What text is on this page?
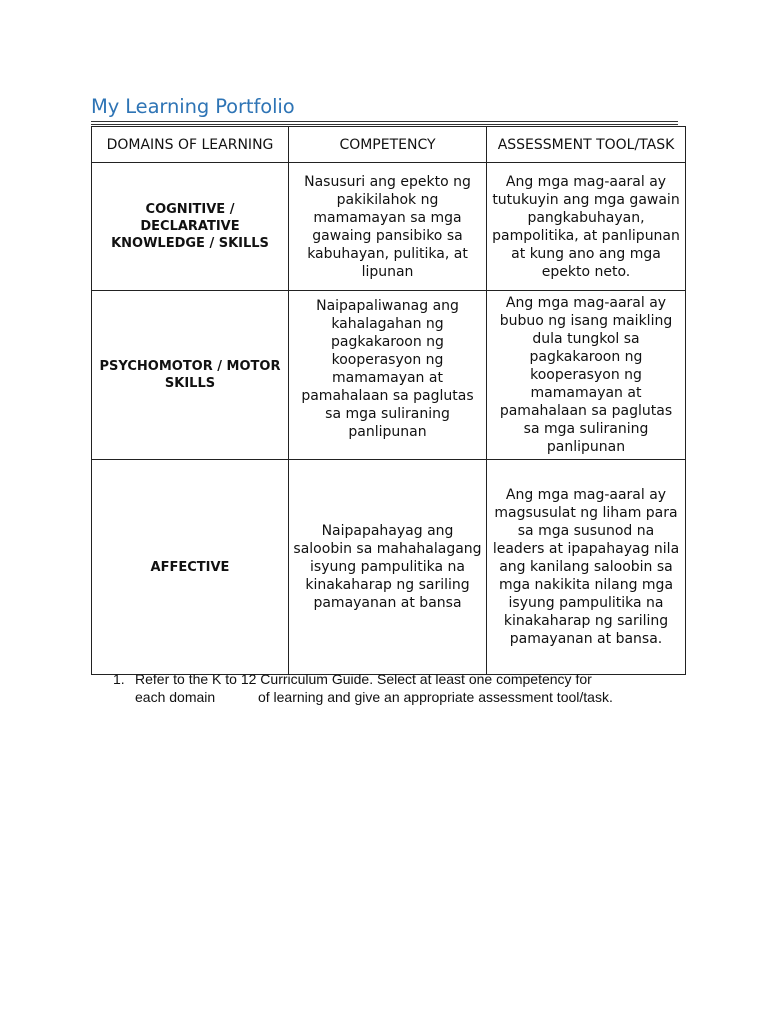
My Learning Portfolio
DOMAINS OF LEARNING	COMPETENCY	ASSESSMENT TOOL/TASK
COGNITIVE / DECLARATIVE KNOWLEDGE / SKILLS	Nasusuri ang epekto ng pakikilahok ng mamamayan sa mga gawaing pansibiko sa kabuhayan, pulitika, at lipunan	Ang mga mag-aaral ay tutukuyin ang mga gawain pangkabuhayan, pampolitika, at panlipunan at kung ano ang mga epekto neto.
PSYCHOMOTOR / MOTOR SKILLS	Naipapaliwanag ang kahalagahan ng pagkakaroon ng kooperasyon ng mamamayan at pamahalaan sa paglutas sa mga suliraning panlipunan	Ang mga mag-aaral ay bubuo ng isang maikling dula tungkol sa pagkakaroon ng kooperasyon ng mamamayan at pamahalaan sa paglutas sa mga suliraning panlipunan
AFFECTIVE	Naipapahayag ang saloobin sa mahahalagang isyung pampulitika na kinakaharap ng sariling pamayanan at bansa	Ang mga mag-aaral ay magsusulat ng liham para sa mga susunod na leaders at ipapahayag nila ang kanilang saloobin sa mga nakikita nilang mga isyung pampulitika na kinakaharap ng sariling pamayanan at bansa.
1. Refer to the K to 12 Curriculum Guide. Select at least one competency for
each domain           of learning and give an appropriate assessment tool/task.
